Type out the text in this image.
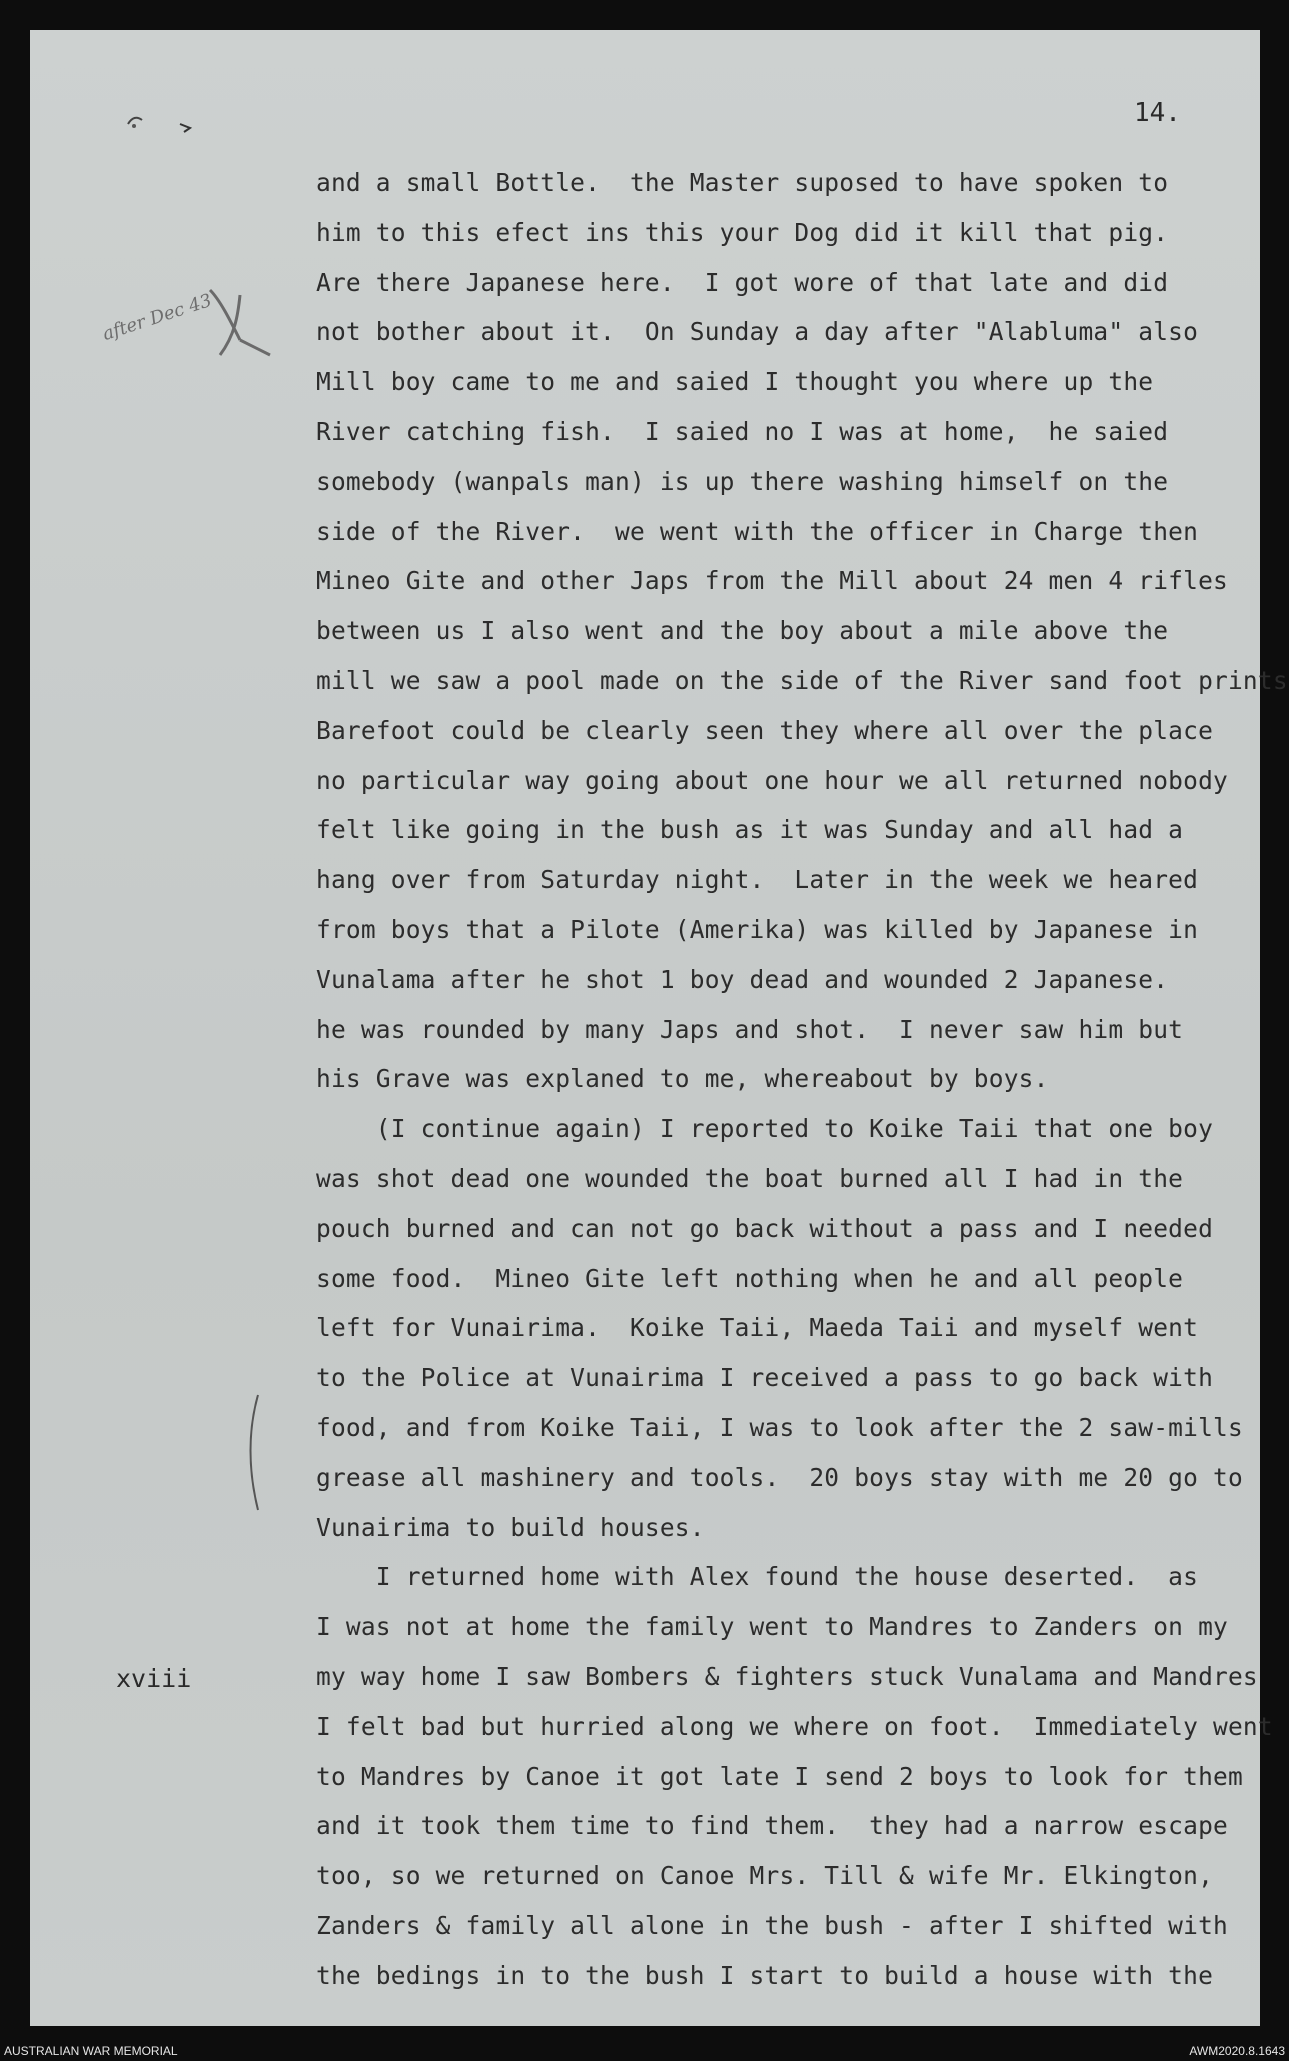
14.
after Dec 43
xviii
and a small Bottle.  the Master suposed to have spoken to
him to this efect ins this your Dog did it kill that pig.
Are there Japanese here.  I got wore of that late and did
not bother about it.  On Sunday a day after "Alabluma" also
Mill boy came to me and saied I thought you where up the
River catching fish.  I saied no I was at home,  he saied
somebody (wanpals man) is up there washing himself on the
side of the River.  we went with the officer in Charge then
Mineo Gite and other Japs from the Mill about 24 men 4 rifles
between us I also went and the boy about a mile above the
mill we saw a pool made on the side of the River sand foot prints
Barefoot could be clearly seen they where all over the place
no particular way going about one hour we all returned nobody
felt like going in the bush as it was Sunday and all had a
hang over from Saturday night.  Later in the week we heared
from boys that a Pilote (Amerika) was killed by Japanese in
Vunalama after he shot 1 boy dead and wounded 2 Japanese.
he was rounded by many Japs and shot.  I never saw him but
his Grave was explaned to me, whereabout by boys.
(I continue again) I reported to Koike Taii that one boy
was shot dead one wounded the boat burned all I had in the
pouch burned and can not go back without a pass and I needed
some food.  Mineo Gite left nothing when he and all people
left for Vunairima.  Koike Taii, Maeda Taii and myself went
to the Police at Vunairima I received a pass to go back with
food, and from Koike Taii, I was to look after the 2 saw-mills
grease all mashinery and tools.  20 boys stay with me 20 go to
Vunairima to build houses.
I returned home with Alex found the house deserted.  as
I was not at home the family went to Mandres to Zanders on my
my way home I saw Bombers & fighters stuck Vunalama and Mandres
I felt bad but hurried along we where on foot.  Immediately went
to Mandres by Canoe it got late I send 2 boys to look for them
and it took them time to find them.  they had a narrow escape
too, so we returned on Canoe Mrs. Till & wife Mr. Elkington,
Zanders & family all alone in the bush - after I shifted with
the bedings in to the bush I start to build a house with the
AUSTRALIAN WAR MEMORIAL	AWM2020.8.1643
